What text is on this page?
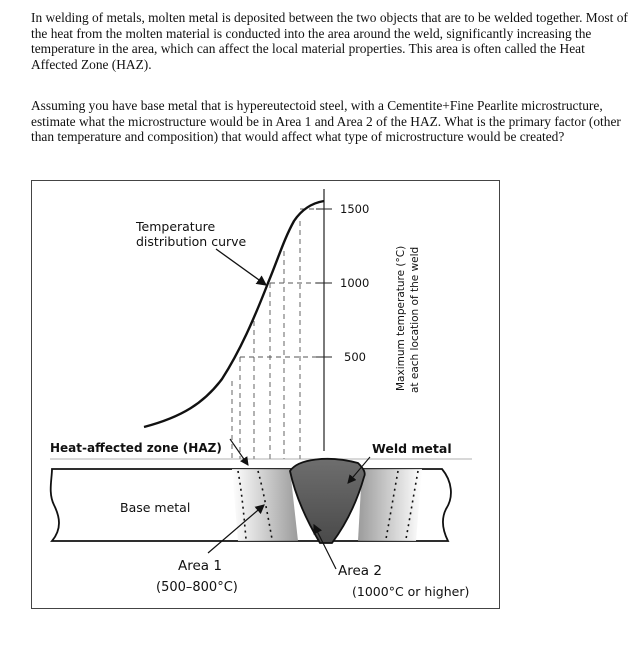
In welding of metals, molten metal is deposited between the two objects that are to be welded together. Most of the heat from the molten material is conducted into the area around the weld, significantly increasing the temperature in the area, which can affect the local material properties. This area is often called the Heat Affected Zone (HAZ).

Assuming you have base metal that is hypereutectoid steel, with a Cementite+Fine Pearlite microstructure, estimate what the microstructure would be in Area 1 and Area 2 of the HAZ. What is the primary factor (other than temperature and composition) that would affect what type of microstructure would be created?

Temperature
distribution curve
1500
1000
500	Maximum temperature (°C) at each location of the weld
Heat-affected zone (HAZ)	Weld metal
Base metal
Area 1
(500–800°C)
Area 2
(1000°C or higher)
